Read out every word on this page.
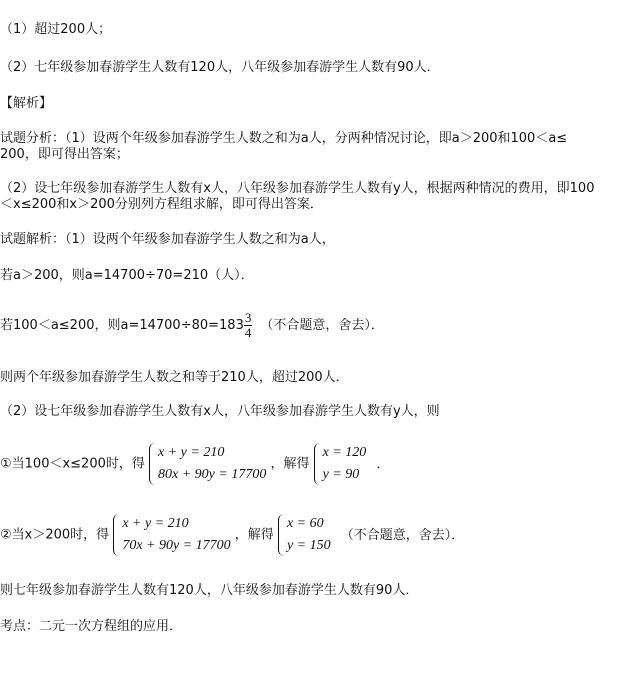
（1）超过200人；
（2）七年级参加春游学生人数有120人，八年级参加春游学生人数有90人．
【解析】
试题分析：（1）设两个年级参加春游学生人数之和为a人，分两种情况讨论，即a＞200和100＜a≤
200，即可得出答案；
（2）设七年级参加春游学生人数有x人，八年级参加春游学生人数有y人，根据两种情况的费用，即100
＜x≤200和x＞200分别列方程组求解，即可得出答案．
试题解析：（1）设两个年级参加春游学生人数之和为a人，
若a＞200，则a=14700÷70=210（人）．
若100＜a≤200，则$a=14700\div 80=183 \frac{3}{4}$ （不合题意，舍去）．
则两个年级参加春游学生人数之和等于210人，超过200人．
（2）设七年级参加春游学生人数有x人，八年级参加春游学生人数有y人，则
①当100＜x≤200时，得
x + y = 210
80x + 90y = 17700
，解得
x = 120
y = 90
．
②当x＞200时，得
x + y = 210
70x + 90y = 17700
，解得
x = 60
y = 150
（不合题意，舍去）．
则七年级参加春游学生人数有120人，八年级参加春游学生人数有90人．
考点：二元一次方程组的应用．
